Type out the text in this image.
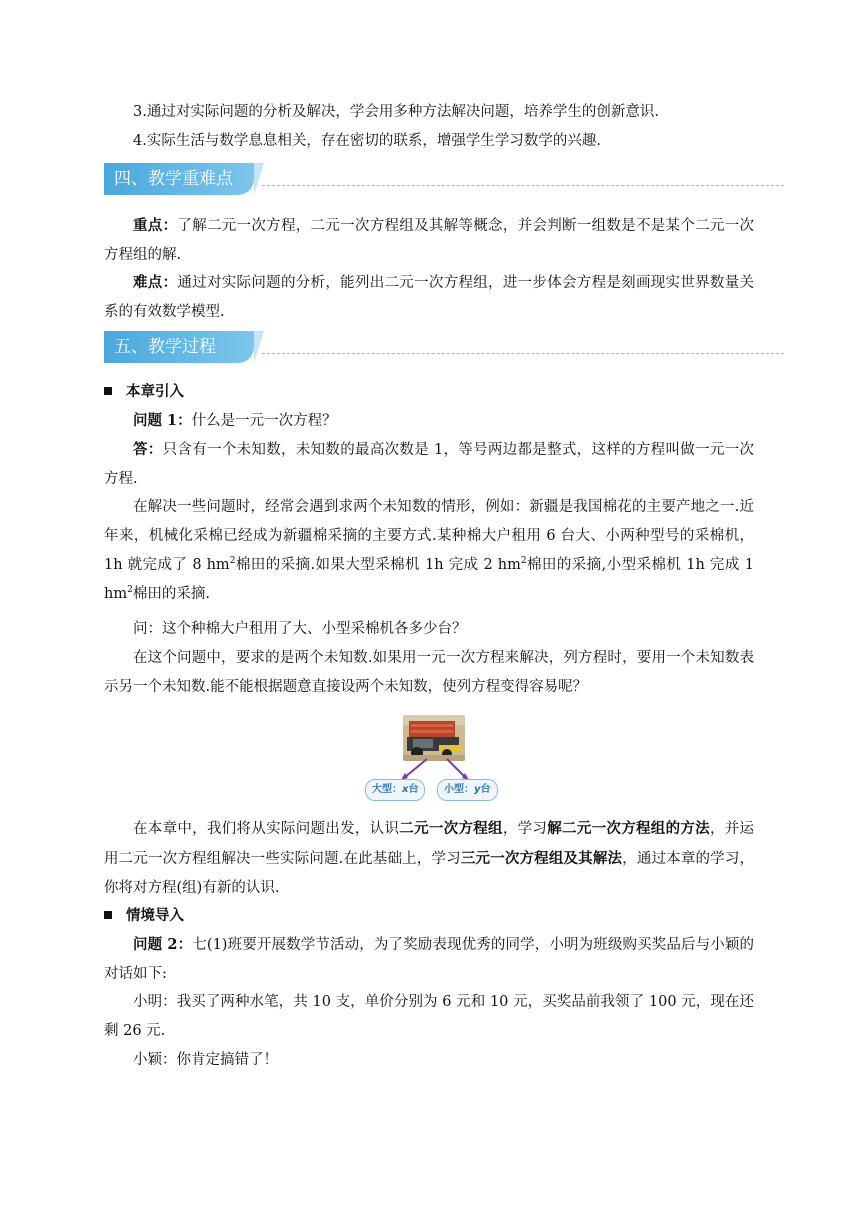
3.通过对实际问题的分析及解决，学会用多种方法解决问题，培养学生的创新意识.

4.实际生活与数学息息相关，存在密切的联系，增强学生学习数学的兴趣.

四、教学重难点

重点：了解二元一次方程，二元一次方程组及其解等概念，并会判断一组数是不是某个二元一次方程组的解.

难点：通过对实际问题的分析，能列出二元一次方程组，进一步体会方程是刻画现实世界数量关系的有效数学模型.

五、教学过程

本章引入

问题 1：什么是一元一次方程？

答：只含有一个未知数，未知数的最高次数是 1，等号两边都是整式，这样的方程叫做一元一次方程.

在解决一些问题时，经常会遇到求两个未知数的情形，例如：新疆是我国棉花的主要产地之一.近年来，机械化采棉已经成为新疆棉采摘的主要方式.某种棉大户租用 6 台大、小两种型号的采棉机，1h 就完成了 8 $hm^2$棉田的采摘.如果大型采棉机 1h 完成 2 $hm^2$棉田的采摘,小型采棉机 1h 完成 1 $hm^2$棉田的采摘.

问：这个种棉大户租用了大、小型采棉机各多少台？

在这个问题中，要求的是两个未知数.如果用一元一次方程来解决，列方程时，要用一个未知数表示另一个未知数.能不能根据题意直接设两个未知数，使列方程变得容易呢？

大型：x台	小型：y台

在本章中，我们将从实际问题出发，认识二元一次方程组，学习解二元一次方程组的方法，并运用二元一次方程组解决一些实际问题.在此基础上，学习三元一次方程组及其解法，通过本章的学习，你将对方程(组)有新的认识.

情境导入

问题 2：七(1)班要开展数学节活动，为了奖励表现优秀的同学，小明为班级购买奖品后与小颖的对话如下:

小明：我买了两种水笔，共 10 支，单价分别为 6 元和 10 元，买奖品前我领了 100 元，现在还剩 26 元.

小颖：你肯定搞错了！
